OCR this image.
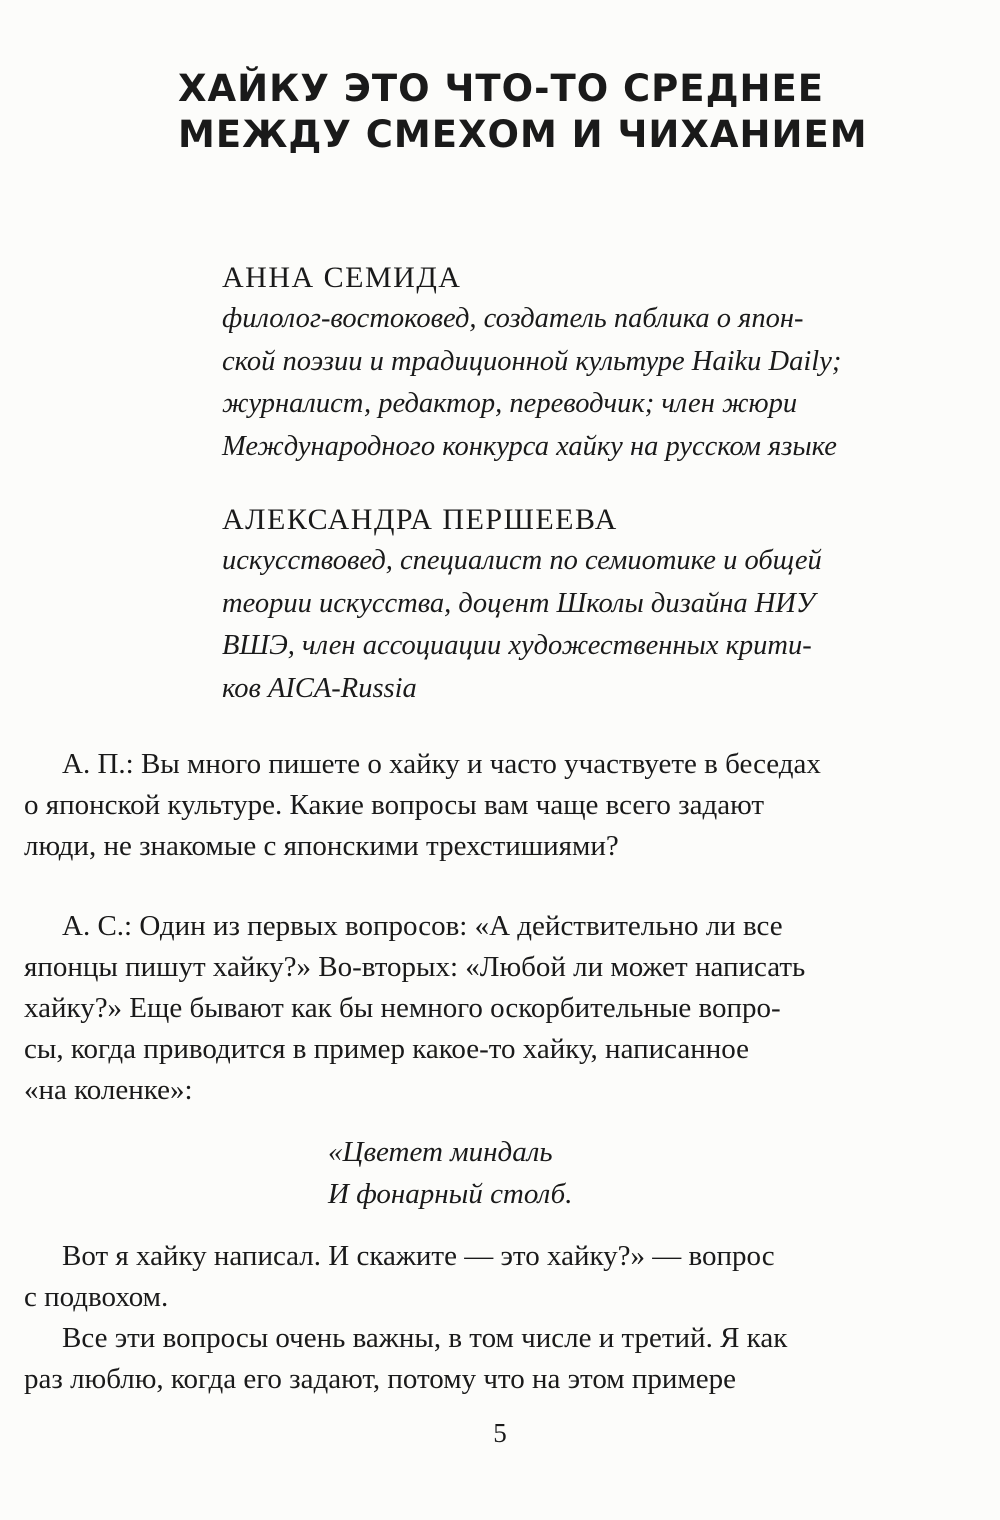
ХАЙКУ ЭТО ЧТО-ТО СРЕДНЕЕ
МЕЖДУ СМЕХОМ И ЧИХАНИЕМ
АННА СЕМИДА
филолог-востоковед, создатель паблика о япон-
ской поэзии и традиционной культуре Haiku Daily;
журналист, редактор, переводчик; член жюри
Международного конкурса хайку на русском языке
АЛЕКСАНДРА ПЕРШЕЕВА
искусствовед, специалист по семиотике и общей
теории искусства, доцент Школы дизайна НИУ
ВШЭ, член ассоциации художественных крити-
ков AICA-Russia
А. П.: Вы много пишете о хайку и часто участвуете в беседах
о японской культуре. Какие вопросы вам чаще всего задают
люди, не знакомые с японскими трехстишиями?
А. С.: Один из первых вопросов: «А действительно ли все
японцы пишут хайку?» Во-вторых: «Любой ли может написать
хайку?» Еще бывают как бы немного оскорбительные вопро-
сы, когда приводится в пример какое-то хайку, написанное
«на коленке»:
«Цветет миндаль
И фонарный столб.
Вот я хайку написал. И скажите — это хайку?» — вопрос
с подвохом.
Все эти вопросы очень важны, в том числе и третий. Я как
раз люблю, когда его задают, потому что на этом примере
5
